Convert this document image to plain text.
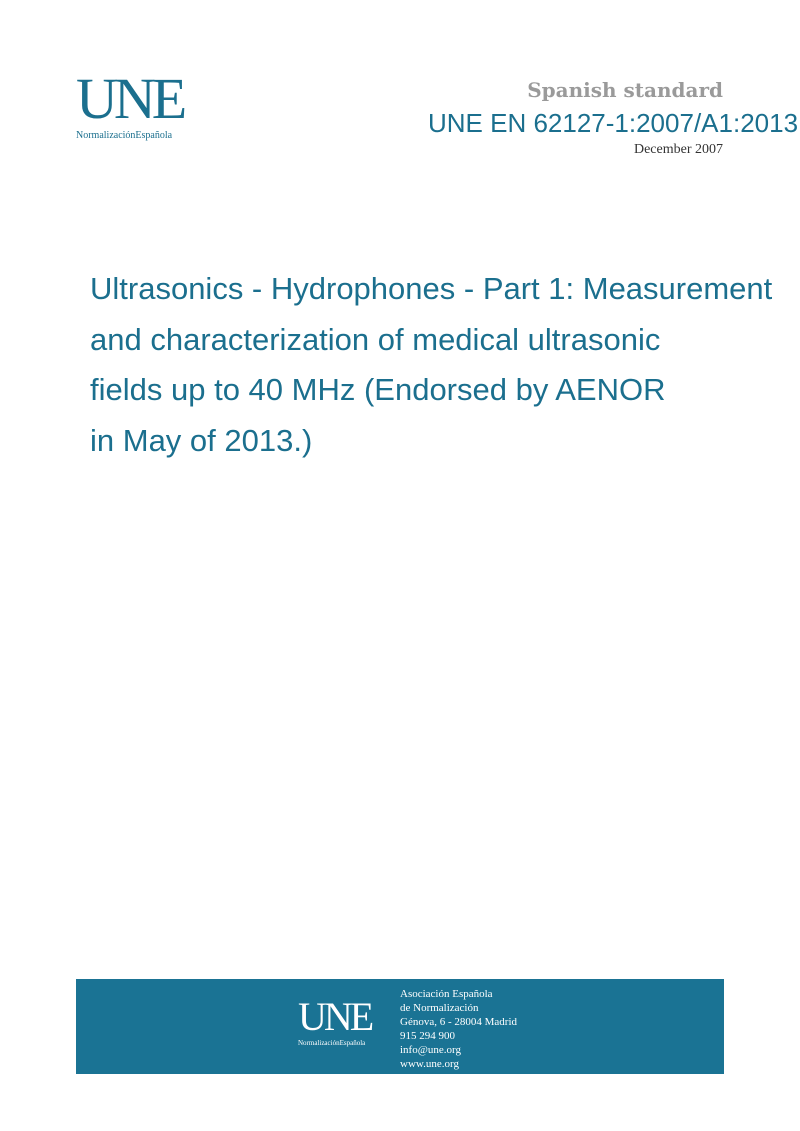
UNE
NormalizaciónEspañola
Spanish standard
UNE EN 62127-1:2007/A1:2013
December 2007
Ultrasonics - Hydrophones - Part 1: Measurement
and characterization of medical ultrasonic
fields up to 40 MHz (Endorsed by AENOR
in May of 2013.)
UNE
NormalizaciónEspañola
Asociación Española
de Normalización
Génova, 6 - 28004 Madrid
915 294 900
info@une.org
www.une.org
